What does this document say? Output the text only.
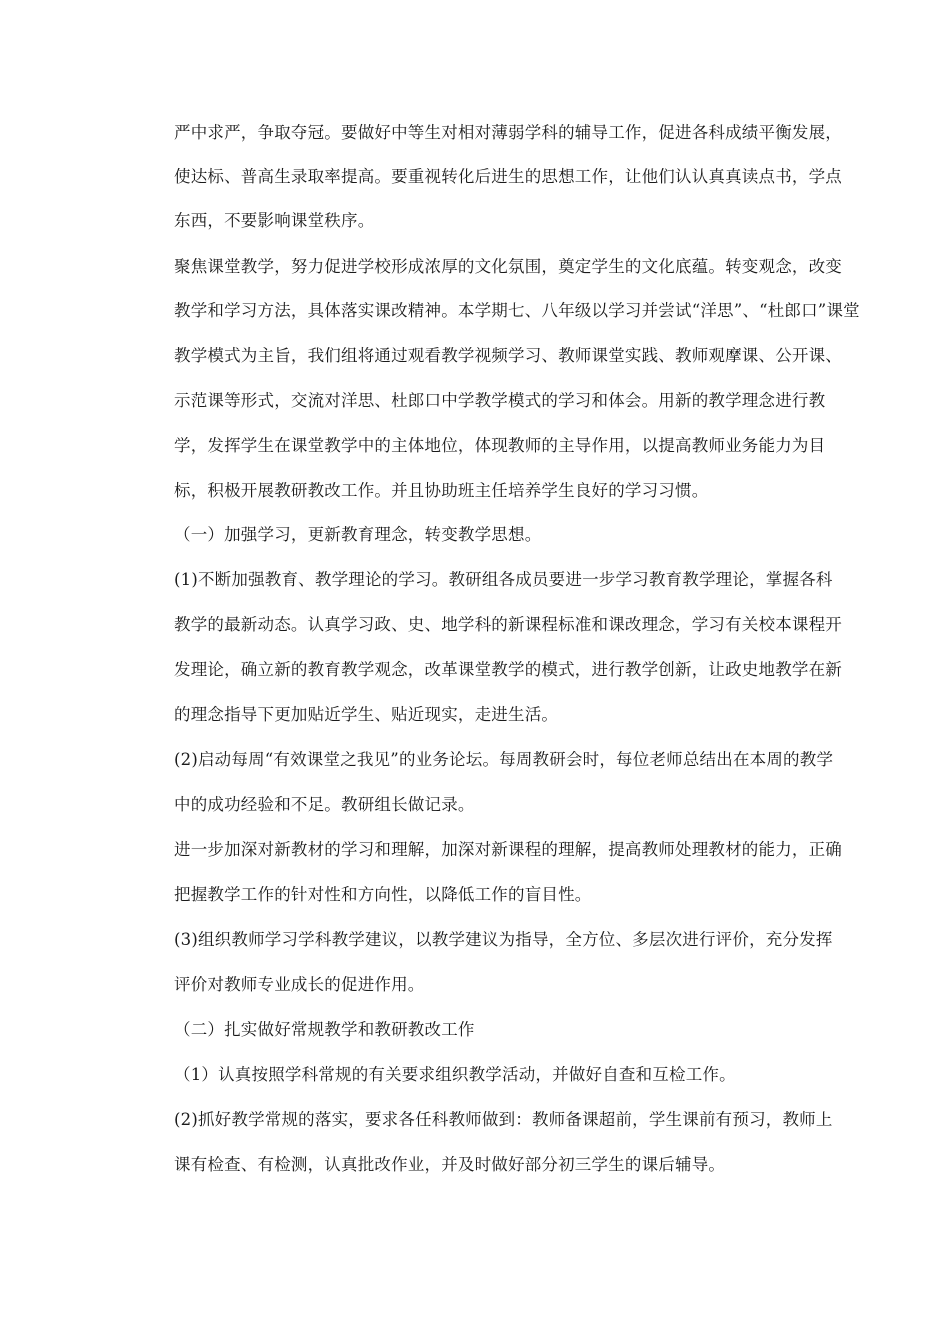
严中求严，争取夺冠。要做好中等生对相对薄弱学科的辅导工作，促进各科成绩平衡发展，
使达标、普高生录取率提高。要重视转化后进生的思想工作，让他们认认真真读点书，学点
东西，不要影响课堂秩序。
聚焦课堂教学，努力促进学校形成浓厚的文化氛围，奠定学生的文化底蕴。转变观念，改变
教学和学习方法，具体落实课改精神。本学期七、八年级以学习并尝试“洋思”、“杜郎口”课堂
教学模式为主旨，我们组将通过观看教学视频学习、教师课堂实践、教师观摩课、公开课、
示范课等形式，交流对洋思、杜郎口中学教学模式的学习和体会。用新的教学理念进行教
学，发挥学生在课堂教学中的主体地位，体现教师的主导作用，以提高教师业务能力为目
标，积极开展教研教改工作。并且协助班主任培养学生良好的学习习惯。
（一）加强学习，更新教育理念，转变教学思想。
(1)不断加强教育、教学理论的学习。教研组各成员要进一步学习教育教学理论，掌握各科
教学的最新动态。认真学习政、史、地学科的新课程标准和课改理念，学习有关校本课程开
发理论，确立新的教育教学观念，改革课堂教学的模式，进行教学创新，让政史地教学在新
的理念指导下更加贴近学生、贴近现实，走进生活。
(2)启动每周“有效课堂之我见”的业务论坛。每周教研会时，每位老师总结出在本周的教学
中的成功经验和不足。教研组长做记录。
进一步加深对新教材的学习和理解，加深对新课程的理解，提高教师处理教材的能力，正确
把握教学工作的针对性和方向性，以降低工作的盲目性。
(3)组织教师学习学科教学建议，以教学建议为指导，全方位、多层次进行评价，充分发挥
评价对教师专业成长的促进作用。
（二）扎实做好常规教学和教研教改工作
（1）认真按照学科常规的有关要求组织教学活动，并做好自查和互检工作。
(2)抓好教学常规的落实，要求各任科教师做到：教师备课超前，学生课前有预习，教师上
课有检查、有检测，认真批改作业，并及时做好部分初三学生的课后辅导。
